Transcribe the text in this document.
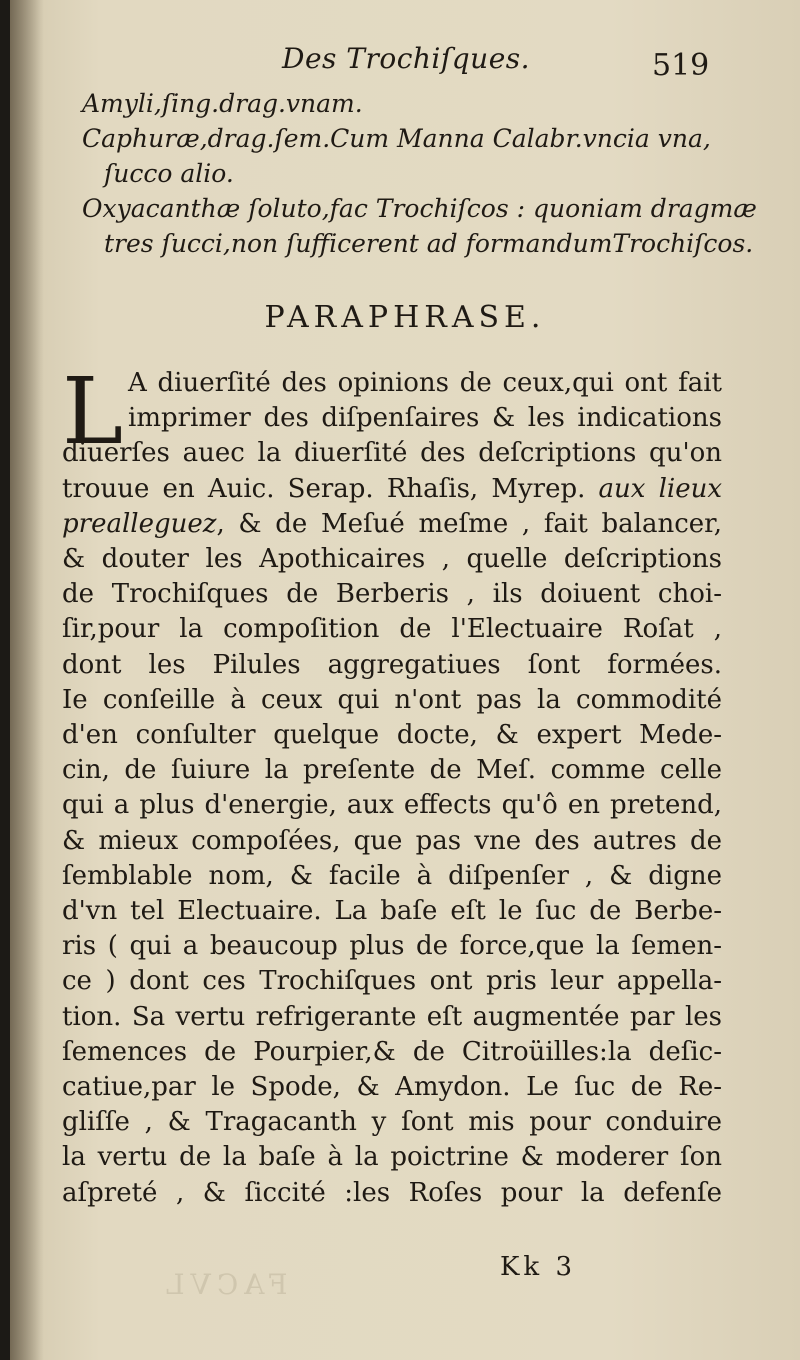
Des Trochiſques.	519
Amyli,ſing.drag.vnam.
Caphuræ,drag.ſem.Cum Manna Calabr.vncia vna,
ſucco alio.
Oxyacanthæ ſoluto,fac Trochiſcos : quoniam dragmæ
tres ſucci,non ſufficerent ad formandumTrochiſcos.
PARAPHRASE.
L A diuerſité des opinions de ceux,qui ont fait
imprimer des diſpenſaires & les indications
diuerſes auec la diuerſité des deſcriptions qu'on
trouue en Auic. Serap. Rhaſis, Myrep. aux lieux
prealleguez, & de Meſué meſme , fait balancer,
& douter les Apothicaires , quelle deſcriptions
de Trochiſques de Berberis , ils doiuent choi-
ſir,pour la compoſition de l'Electuaire Roſat ,
dont les Pilules aggregatiues ſont formées.
Ie conſeille à ceux qui n'ont pas la commodité
d'en conſulter quelque docte, & expert Mede-
cin, de ſuiure la preſente de Meſ. comme celle
qui a plus d'energie, aux effects qu'ô en pretend,
& mieux compoſées, que pas vne des autres de
ſemblable nom, & facile à diſpenſer , & digne
d'vn tel Electuaire. La baſe eſt le ſuc de Berbe-
ris ( qui a beaucoup plus de force,que la ſemen-
ce ) dont ces Trochiſques ont pris leur appella-
tion. Sa vertu refrigerante eſt augmentée par les
ſemences de Pourpier,& de Citroüilles:la deſic-
catiue,par le Spode, & Amydon. Le ſuc de Re-
gliſſe , & Tragacanth y ſont mis pour conduire
la vertu de la baſe à la poictrine & moderer ſon
aſpreté , & ſiccité :les Roſes pour la defenſe
Kk 3
FACVL
